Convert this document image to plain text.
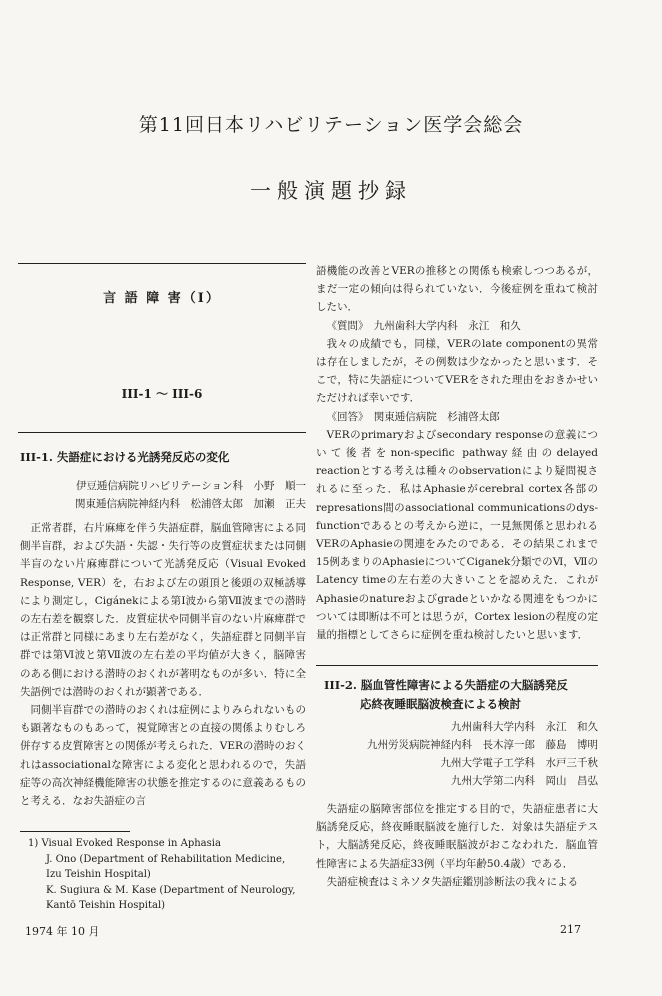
第11回日本リハビリテーション医学会総会
一般演題抄録
言 語 障 害（Ⅰ）
III-1 ～ III-6

III-1. 失語症における光誘発反応の変化

伊豆逓信病院リハビリテーション科　小野　順一
関東逓信病院神経内科　松浦啓太郎　加瀬　正夫

正常者群，右片麻痺を伴う失語症群，脳血管障害による同側半盲群，および失語・失認・失行等の皮質症状または同側半盲のない片麻痺群について光誘発反応（Visual Evoked Response, VER）を，右および左の頭頂と後頭の双極誘導により測定し，Cigánekによる第Ⅰ波から第Ⅶ波までの潜時の左右差を観察した．皮質症状や同側半盲のない片麻痺群では正常群と同様にあまり左右差がなく，失語症群と同側半盲群では第Ⅵ波と第Ⅶ波の左右差の平均値が大きく，脳障害のある側における潜時のおくれが著明なものが多い．特に全失語例では潜時のおくれが顕著である．

同側半盲群での潜時のおくれは症例によりみられないものも顕著なものもあって，視覚障害との直接の関係よりむしろ併存する皮質障害との関係が考えられた．VERの潜時のおくれはassociationalな障害による変化と思われるので，失語症等の高次神経機能障害の状態を推定するのに意義あるものと考える．なお失語症の言

1) Visual Evoked Response in Aphasia

J. Ono (Department of Rehabilitation Medicine, Izu Teishin Hospital)

K. Sugiura & M. Kase (Department of Neurology, Kantō Teishin Hospital)

1974 年 10 月

語機能の改善とVERの推移との関係も検索しつつあるが，まだ一定の傾向は得られていない．今後症例を重ねて検討したい．

《質問》　九州歯科大学内科　永江　和久

我々の成績でも，同様，VERのlate componentの異常は存在しましたが，その例数は少なかったと思います．そこで，特に失語症についてVERをされた理由をおきかせいただければ幸いです．

《回答》　関東逓信病院　杉浦啓太郎

VERのprimaryおよびsecondary responseの意義について後者をnon-specific pathway経由のdelayed reactionとする考えは種々のobservationにより疑問視されるに至った．私はAphasieがcerebral cortex各部のrepresations間のassociational communicationsのdys-functionであるとの考えから逆に，一見無関係と思われるVERのAphasieの関連をみたのである．その結果これまで15例あまりのAphasieについてCiganek分類でのⅥ，ⅦのLatency timeの左右差の大きいことを認めえた．これがAphasieのnatureおよびgradeといかなる関連をもつかについては即断は不可とは思うが，Cortex lesionの程度の定量的指標としてさらに症例を重ね検討したいと思います．

III-2. 脳血管性障害による失語症の大脳誘発反

応終夜睡眠脳波検査による検討

九州歯科大学内科　永江　和久
九州労災病院神経内科　長木淳一郎　藤島　博明
九州大学電子工学科　水戸三千秋
九州大学第二内科　岡山　昌弘

失語症の脳障害部位を推定する目的で，失語症患者に大脳誘発反応，終夜睡眠脳波を施行した．対象は失語症テスト，大脳誘発反応，終夜睡眠脳波がおこなわれた．脳血管性障害による失語症33例（平均年齢50.4歳）である．

失語症検査はミネソタ失語症鑑別診断法の我々による

217
